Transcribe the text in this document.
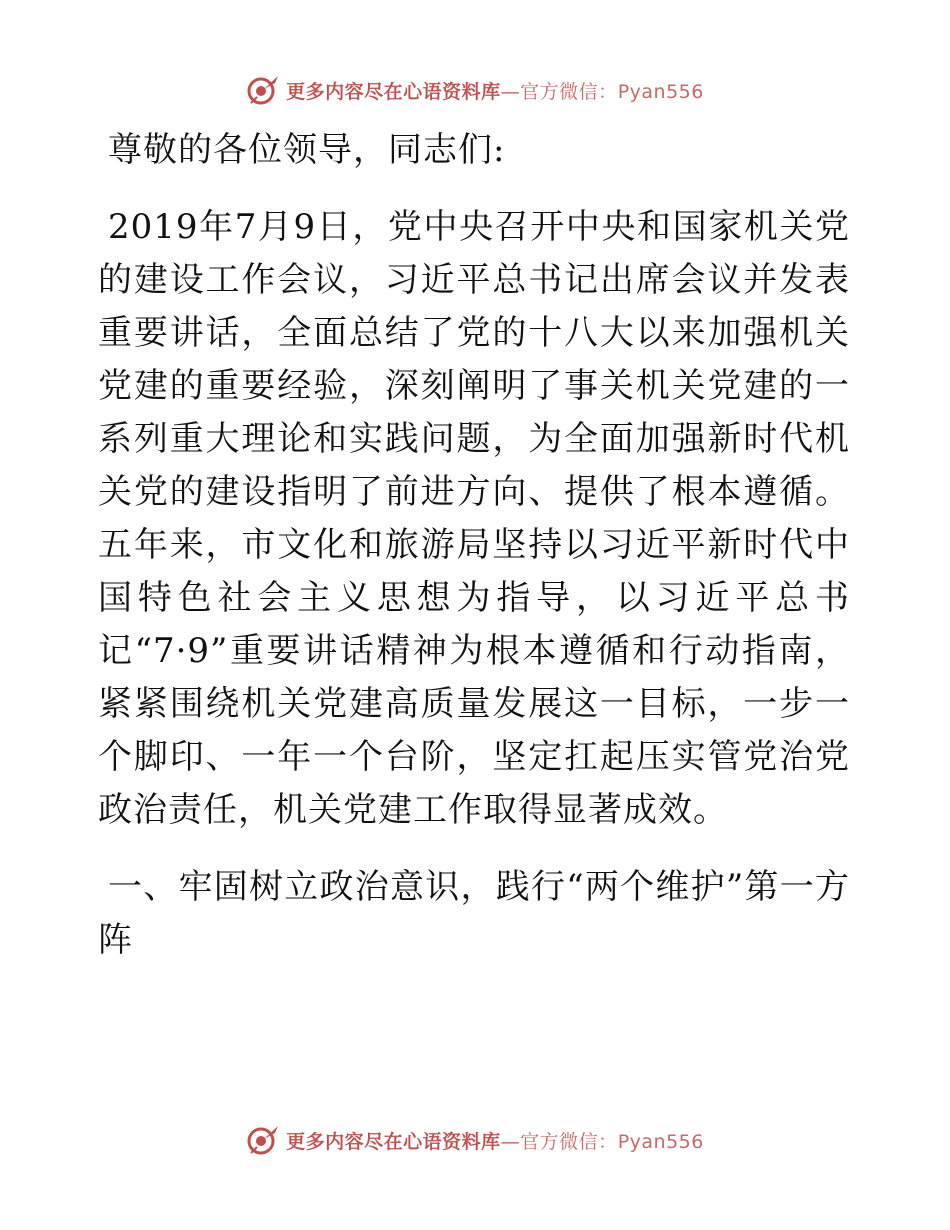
更多内容尽在心语资料库—官方微信：Pyan556

尊敬的各位领导，同志们:

2019年7月9日，党中央召开中央和国家机关党的建设工作会议，习近平总书记出席会议并发表重要讲话，全面总结了党的十八大以来加强机关党建的重要经验，深刻阐明了事关机关党建的一系列重大理论和实践问题，为全面加强新时代机关党的建设指明了前进方向、提供了根本遵循。五年来，市文化和旅游局坚持以习近平新时代中国特色社会主义思想为指导，以习近平总书记“7·9”重要讲话精神为根本遵循和行动指南，紧紧围绕机关党建高质量发展这一目标，一步一个脚印、一年一个台阶，坚定扛起压实管党治党政治责任，机关党建工作取得显著成效。

一、牢固树立政治意识，践行“两个维护”第一方阵

更多内容尽在心语资料库—官方微信：Pyan556
